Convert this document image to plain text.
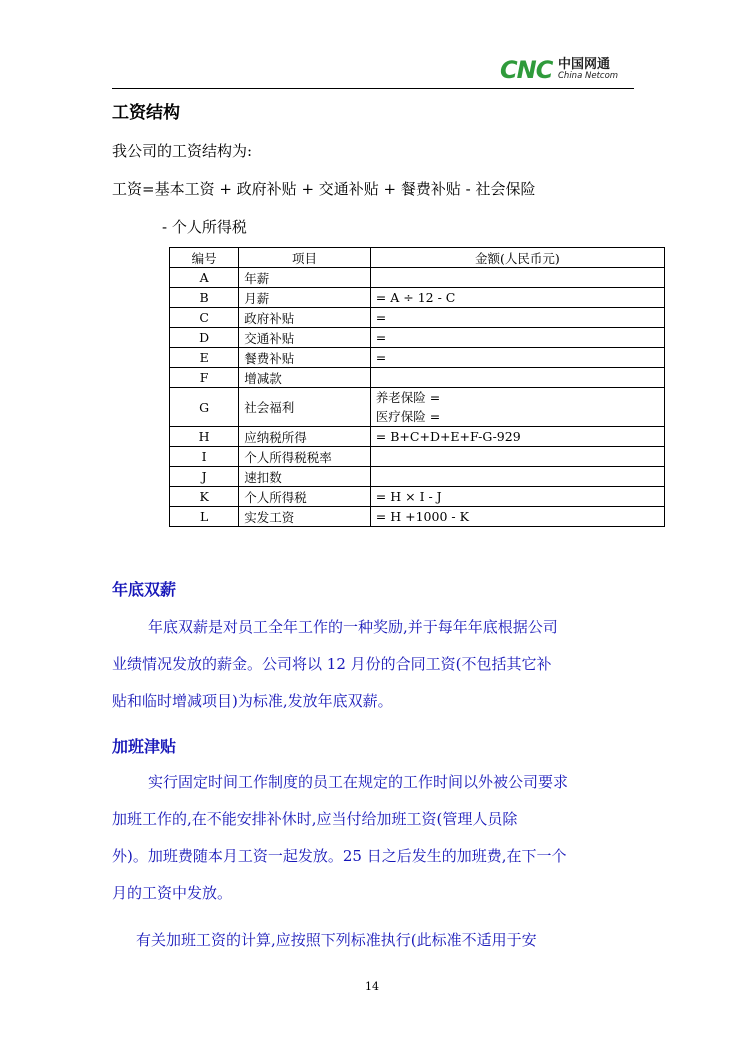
CNC 中国网通
China Netcom
工资结构
我公司的工资结构为:
工资=基本工资 + 政府补贴 + 交通补贴 + 餐费补贴 - 社会保险
- 个人所得税
编号	项目	金额(人民币元)
A	年薪	
B	月薪	= A ÷ 12 - C
C	政府补贴	=
D	交通补贴	=
E	餐费补贴	=
F	增减款	
G	社会福利	养老保险 =
医疗保险 =

H	应纳税所得	= B+C+D+E+F-G-929
I	个人所得税税率	
J	速扣数	
K	个人所得税	= H × I - J
L	实发工资	= H +1000 - K
年底双薪
年底双薪是对员工全年工作的一种奖励,并于每年年底根据公司
业绩情况发放的薪金。公司将以 12 月份的合同工资(不包括其它补
贴和临时增减项目)为标准,发放年底双薪。
加班津贴
实行固定时间工作制度的员工在规定的工作时间以外被公司要求
加班工作的,在不能安排补休时,应当付给加班工资(管理人员除
外)。加班费随本月工资一起发放。25 日之后发生的加班费,在下一个
月的工资中发放。
有关加班工资的计算,应按照下列标准执行(此标准不适用于安
14
